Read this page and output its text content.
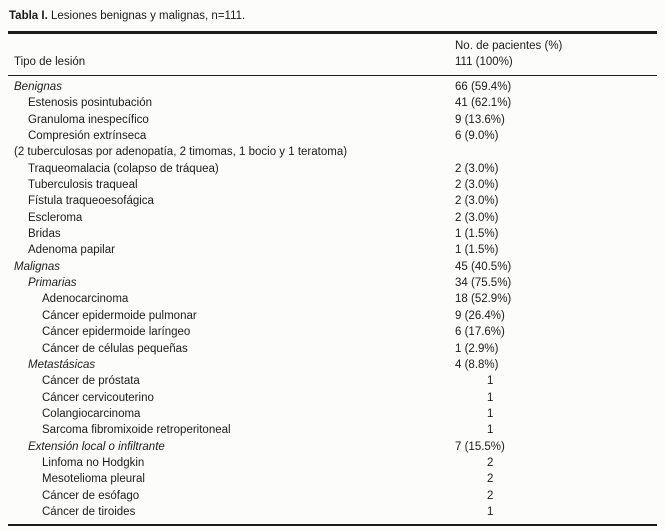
Tabla I. Lesiones benignas y malignas, n=111.
No. de pacientes (%)
Tipo de lesión	111 (100%)
Benignas	66 (59.4%)
Estenosis posintubación	41 (62.1%)
Granuloma inespecífico	9 (13.6%)
Compresión extrínseca	6 (9.0%)
(2 tuberculosas por adenopatía, 2 timomas, 1 bocio y 1 teratoma)
Traqueomalacia (colapso de tráquea)	2 (3.0%)
Tuberculosis traqueal	2 (3.0%)
Fístula traqueoesofágica	2 (3.0%)
Escleroma	2 (3.0%)
Bridas	1 (1.5%)
Adenoma papilar	1 (1.5%)
Malignas	45 (40.5%)
Primarias	34 (75.5%)
Adenocarcinoma	18 (52.9%)
Cáncer epidermoide pulmonar	9 (26.4%)
Cáncer epidermoide laríngeo	6 (17.6%)
Cáncer de células pequeñas	1 (2.9%)
Metastásicas	4 (8.8%)
Cáncer de próstata	1
Cáncer cervicouterino	1
Colangiocarcinoma	1
Sarcoma fibromixoide retroperitoneal	1
Extensión local o infiltrante	7 (15.5%)
Linfoma no Hodgkin	2
Mesotelioma pleural	2
Cáncer de esófago	2
Cáncer de tiroides	1
